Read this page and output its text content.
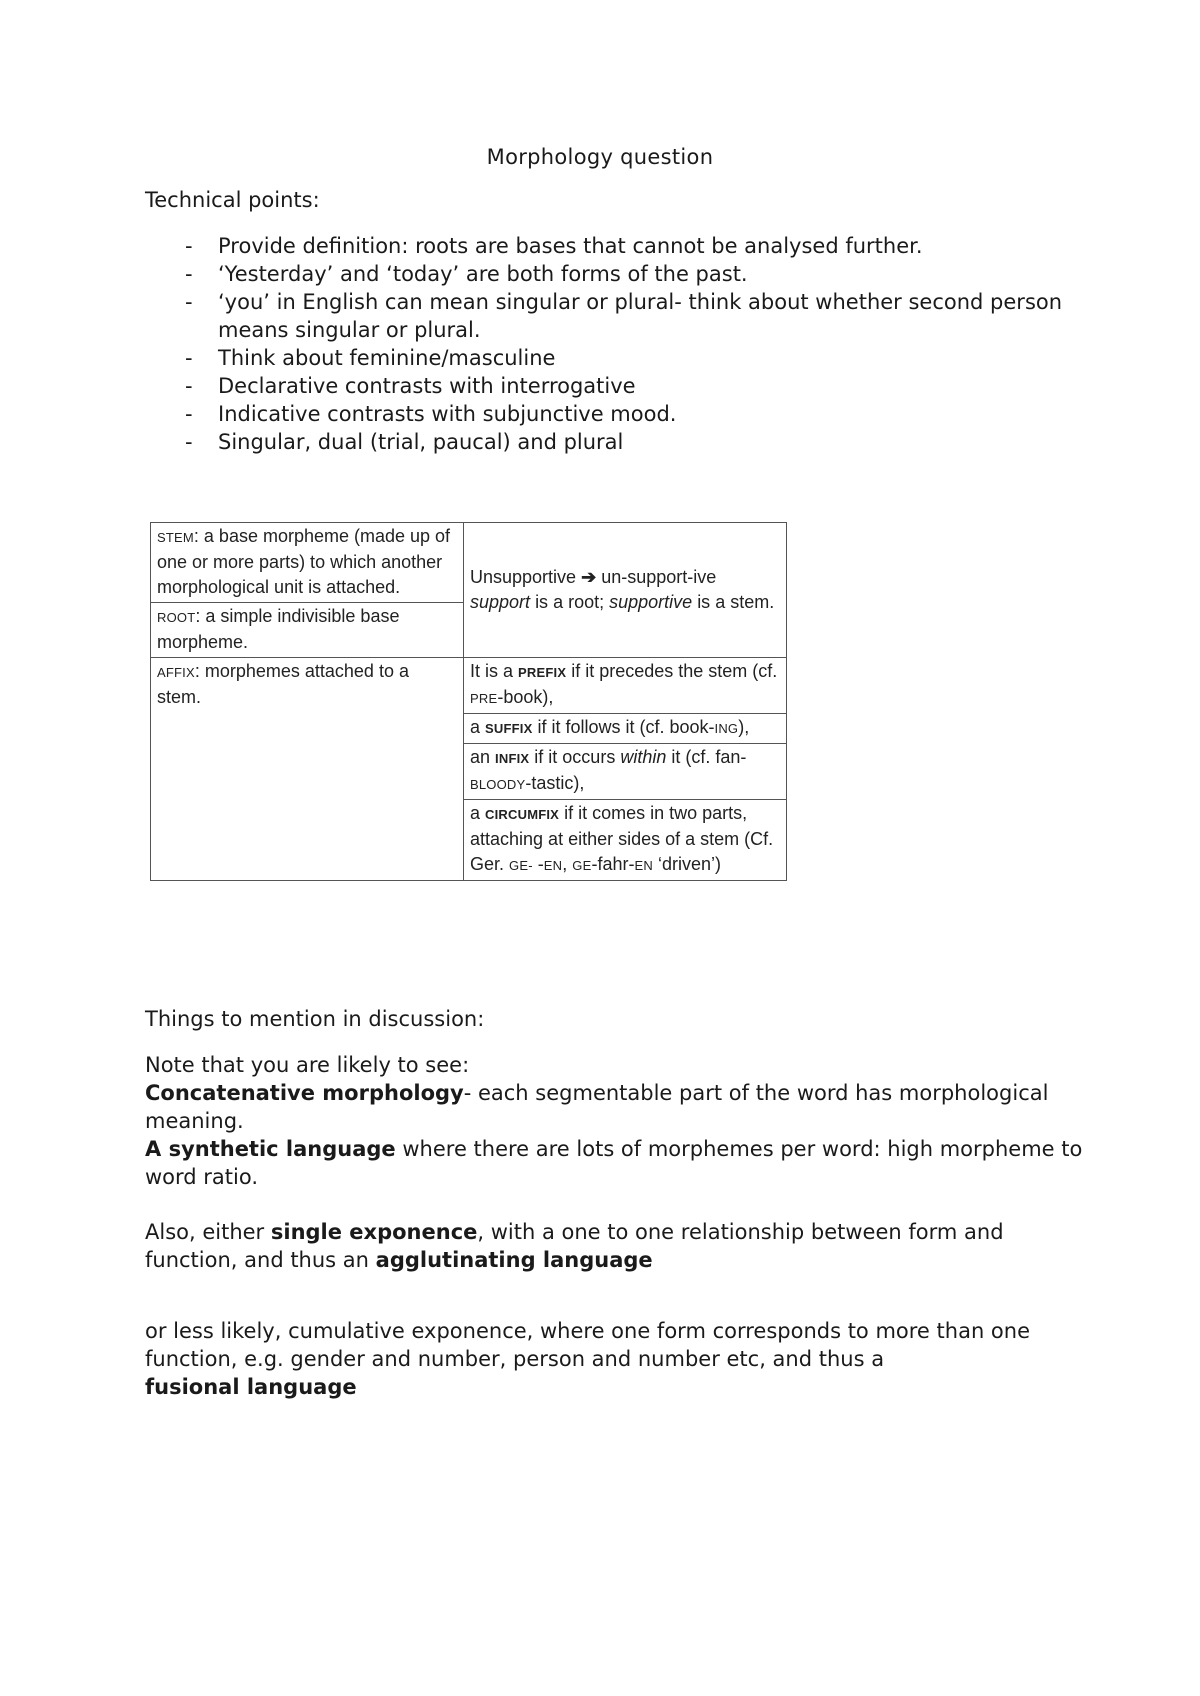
Morphology question
Technical points:
- Provide definition: roots are bases that cannot be analysed further.
- ‘Yesterday’ and ‘today’ are both forms of the past.
- ‘you’ in English can mean singular or plural- think about whether second person means singular or plural.
- Think about feminine/masculine
- Declarative contrasts with interrogative
- Indicative contrasts with subjunctive mood.
- Singular, dual (trial, paucal) and plural
STEM: a base morpheme (made up of one or more parts) to which another morphological unit is attached.	Unsupportive ➔ un-support-ive
support is a root; supportive is a stem.
ROOT: a simple indivisible base morpheme.	
AFFIX: morphemes attached to a stem.	It is a PREFIX if it precedes the stem (cf. PRE-book),
	a SUFFIX if it follows it (cf. book-ING),
	an INFIX if it occurs within it (cf. fan-BLOODY-tastic),
	a CIRCUMFIX if it comes in two parts, attaching at either sides of a stem (Cf. Ger. GE- -EN, GE-fahr-EN ‘driven’)
Things to mention in discussion:

Note that you are likely to see:
Concatenative morphology- each segmentable part of the word has morphological meaning.
A synthetic language where there are lots of morphemes per word: high morpheme to word ratio.

Also, either single exponence, with a one to one relationship between form and function, and thus an agglutinating language

or less likely, cumulative exponence, where one form corresponds to more than one function, e.g. gender and number, person and number etc, and thus a
fusional language
